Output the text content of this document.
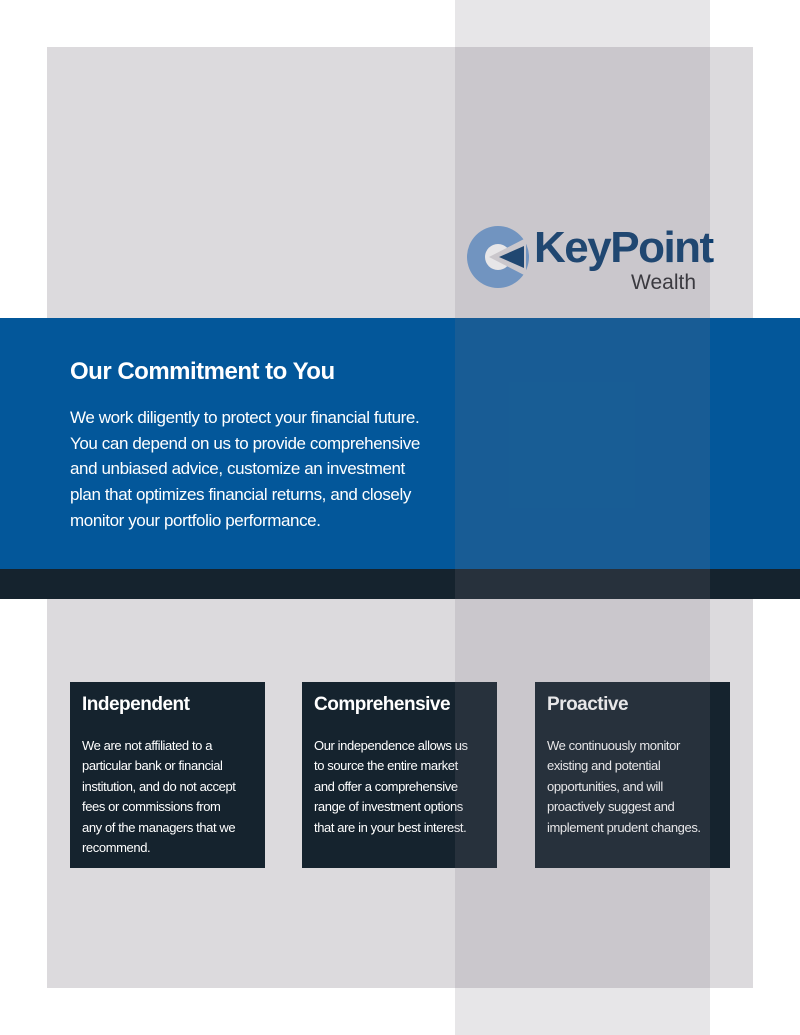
KeyPoint
Wealth
Our Commitment to You

We work diligently to protect your financial future.
You can depend on us to provide comprehensive
and unbiased advice, customize an investment
plan that optimizes financial returns, and closely
monitor your portfolio performance.

Independent

We are not affiliated to a
particular bank or financial
institution, and do not accept
fees or commissions from
any of the managers that we
recommend.

Comprehensive

Our independence allows us
to source the entire market
and offer a comprehensive
range of investment options
that are in your best interest.

Proactive

We continuously monitor
existing and potential
opportunities, and will
proactively suggest and
implement prudent changes.
